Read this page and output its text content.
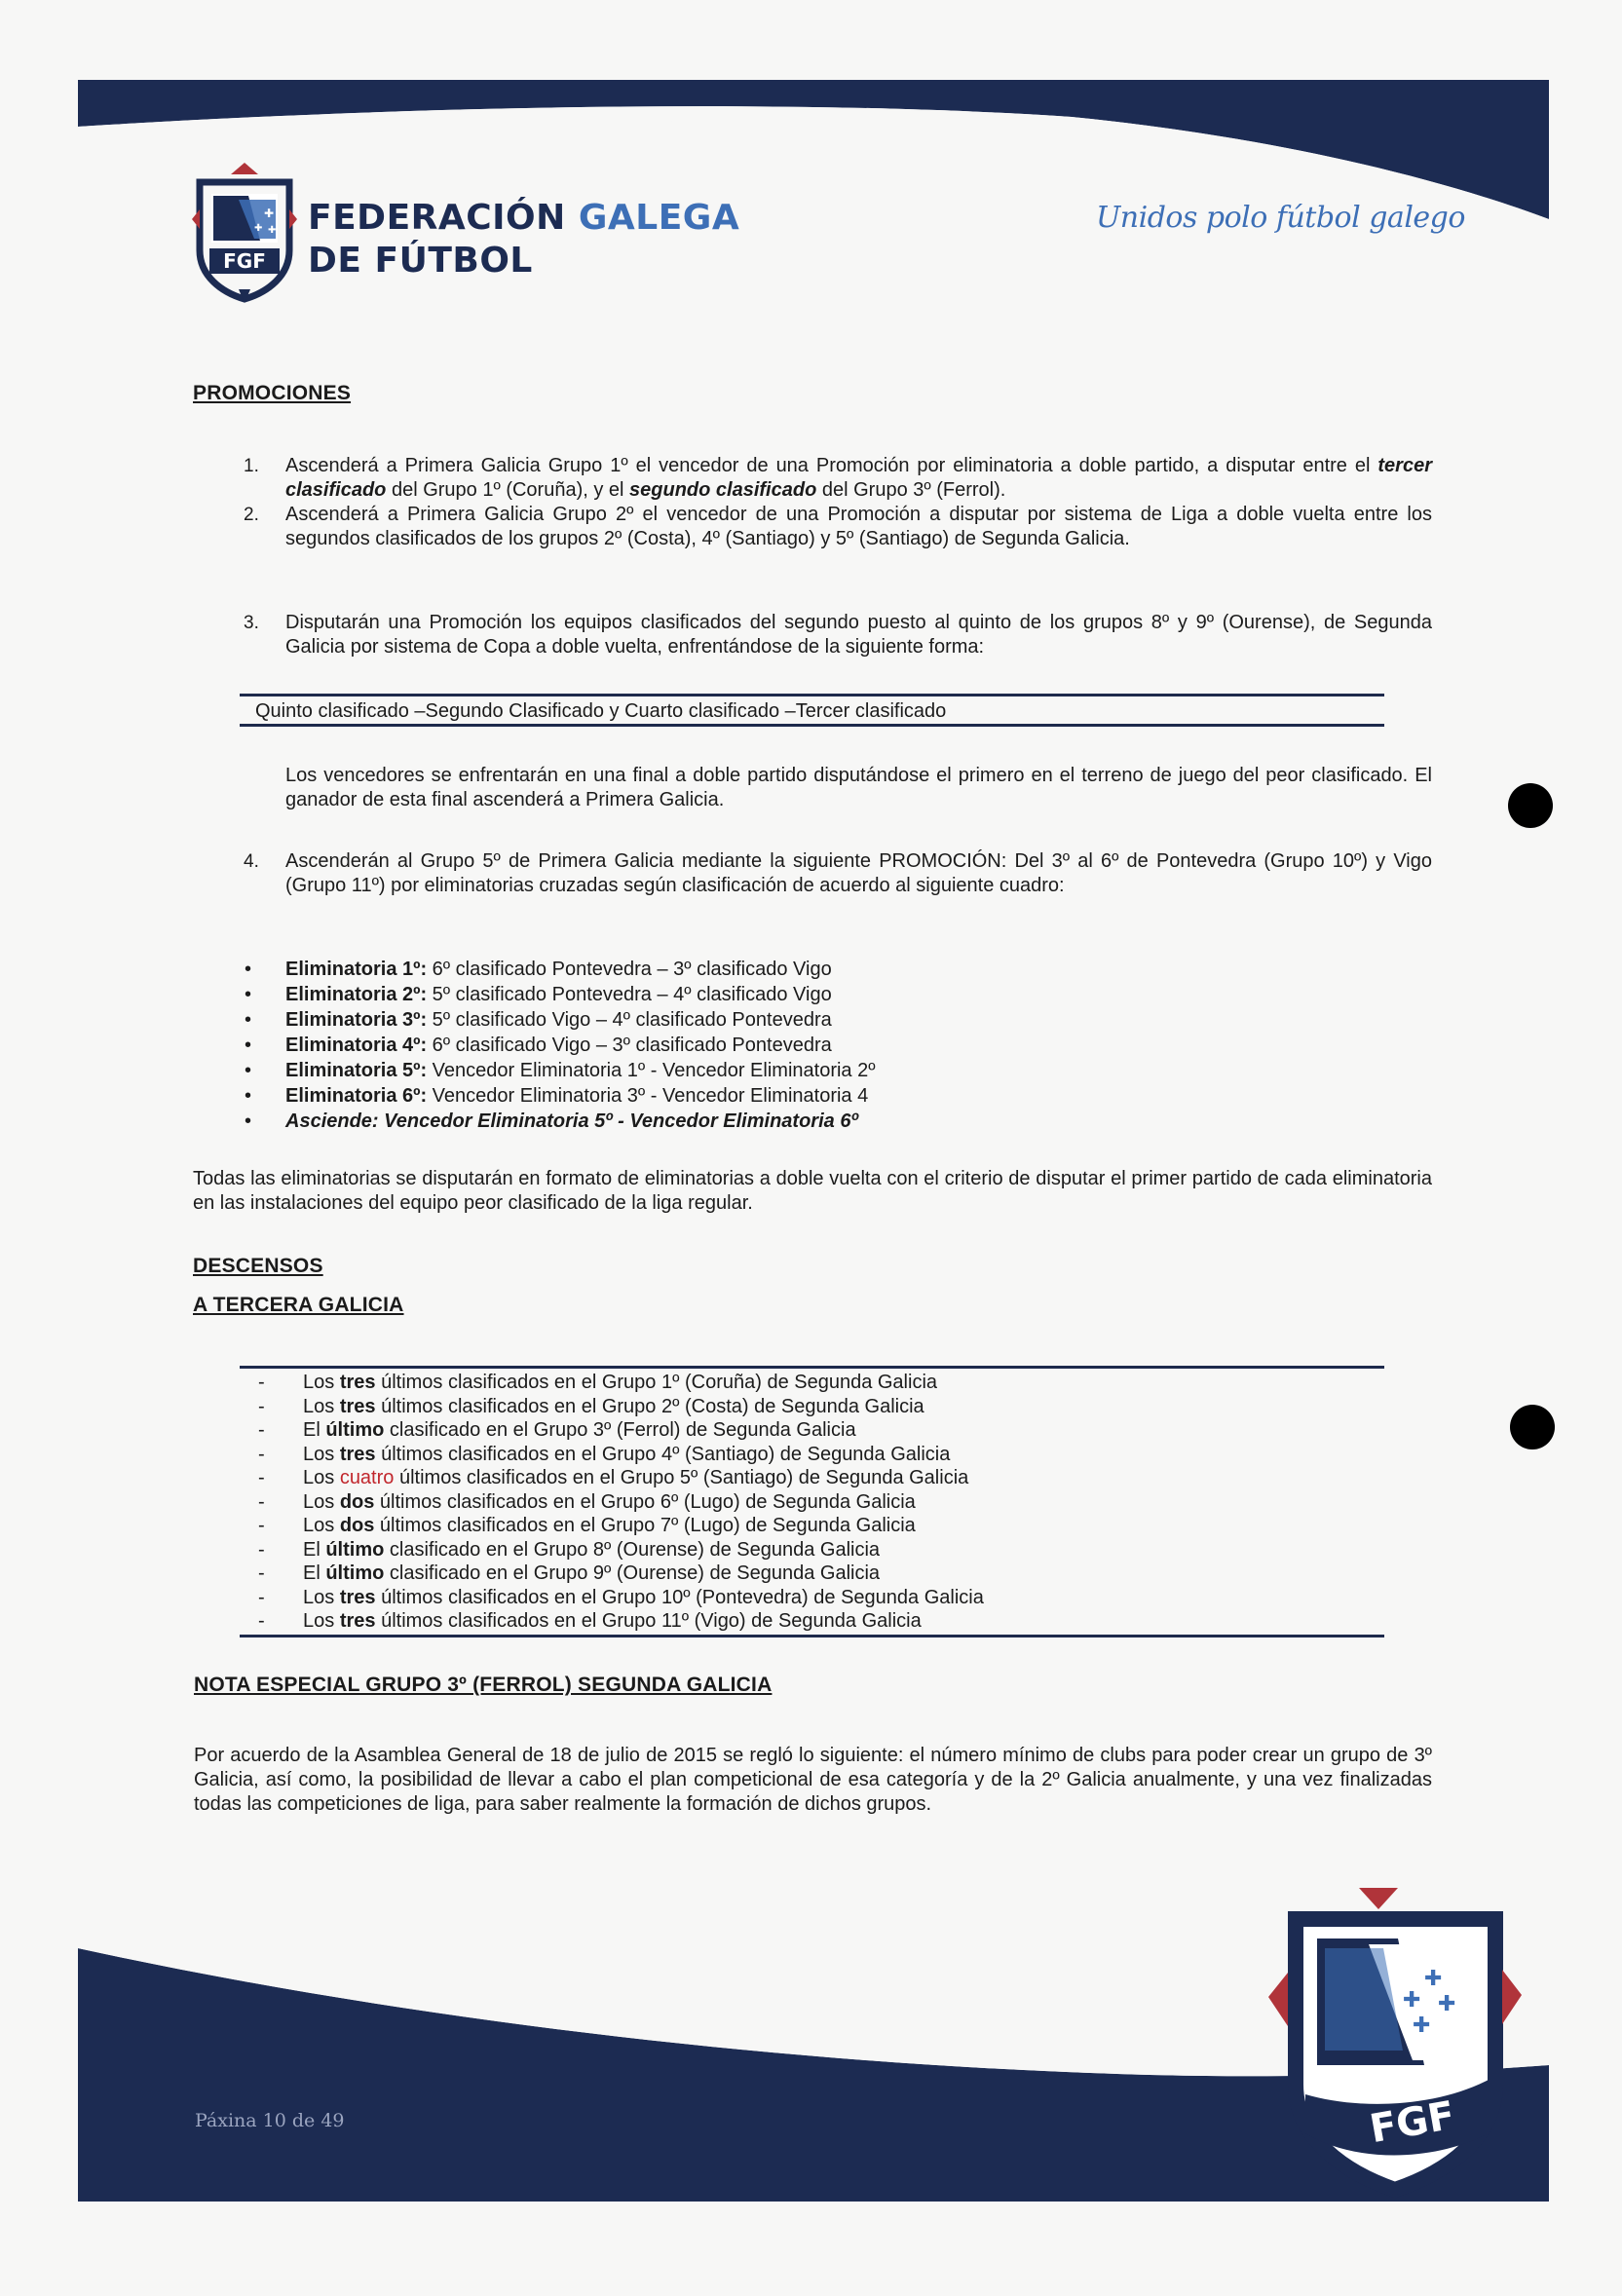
✚
✚ ✚
FGF
FEDERACIÓN GALEGA
DE FÚTBOL
Unidos polo fútbol galego
PROMOCIONES
1. Ascenderá a Primera Galicia Grupo 1º el vencedor de una Promoción por eliminatoria a doble partido, a disputar entre el tercer clasificado del Grupo 1º (Coruña), y el segundo clasificado del Grupo 3º (Ferrol).
2. Ascenderá a Primera Galicia Grupo 2º el vencedor de una Promoción a disputar por sistema de Liga a doble vuelta entre los segundos clasificados de los grupos 2º (Costa), 4º (Santiago) y 5º (Santiago) de Segunda Galicia.
3. Disputarán una Promoción los equipos clasificados del segundo puesto al quinto de los grupos 8º y 9º (Ourense), de Segunda Galicia por sistema de Copa a doble vuelta, enfrentándose de la siguiente forma:
Quinto clasificado –Segundo Clasificado y Cuarto clasificado –Tercer clasificado
Los vencedores se enfrentarán en una final a doble partido disputándose el primero en el terreno de juego del peor clasificado. El ganador de esta final ascenderá a Primera Galicia.
4. Ascenderán al Grupo 5º de Primera Galicia mediante la siguiente PROMOCIÓN: Del 3º al 6º de Pontevedra (Grupo 10º) y Vigo (Grupo 11º) por eliminatorias cruzadas según clasificación de acuerdo al siguiente cuadro:
• Eliminatoria 1º: 6º clasificado Pontevedra – 3º clasificado Vigo
• Eliminatoria 2º: 5º clasificado Pontevedra – 4º clasificado Vigo
• Eliminatoria 3º: 5º clasificado Vigo – 4º clasificado Pontevedra
• Eliminatoria 4º: 6º clasificado Vigo – 3º clasificado Pontevedra
• Eliminatoria 5º: Vencedor Eliminatoria 1º - Vencedor Eliminatoria 2º
• Eliminatoria 6º: Vencedor Eliminatoria 3º - Vencedor Eliminatoria 4
• Asciende: Vencedor Eliminatoria 5º - Vencedor Eliminatoria 6º
Todas las eliminatorias se disputarán en formato de eliminatorias a doble vuelta con el criterio de disputar el primer partido de cada eliminatoria en las instalaciones del equipo peor clasificado de la liga regular.
DESCENSOS
A TERCERA GALICIA
- Los tres últimos clasificados en el Grupo 1º (Coruña) de Segunda Galicia
- Los tres últimos clasificados en el Grupo 2º (Costa) de Segunda Galicia
- El último clasificado en el Grupo 3º (Ferrol) de Segunda Galicia
- Los tres últimos clasificados en el Grupo 4º (Santiago) de Segunda Galicia
- Los cuatro últimos clasificados en el Grupo 5º (Santiago) de Segunda Galicia
- Los dos últimos clasificados en el Grupo 6º (Lugo) de Segunda Galicia
- Los dos últimos clasificados en el Grupo 7º (Lugo) de Segunda Galicia
- El último clasificado en el Grupo 8º (Ourense) de Segunda Galicia
- El último clasificado en el Grupo 9º (Ourense) de Segunda Galicia
- Los tres últimos clasificados en el Grupo 10º (Pontevedra) de Segunda Galicia
- Los tres últimos clasificados en el Grupo 11º (Vigo) de Segunda Galicia
NOTA ESPECIAL GRUPO 3º (FERROL) SEGUNDA GALICIA
Por acuerdo de la Asamblea General de 18 de julio de 2015 se regló lo siguiente: el número mínimo de clubs para poder crear un grupo de 3º Galicia, así como, la posibilidad de llevar a cabo el plan competicional de esa categoría y de la 2º Galicia anualmente, y una vez finalizadas todas las competiciones de liga, para saber realmente la formación de dichos grupos.
Páxina 10 de 49
✚
✚ ✚
✚
FGF
